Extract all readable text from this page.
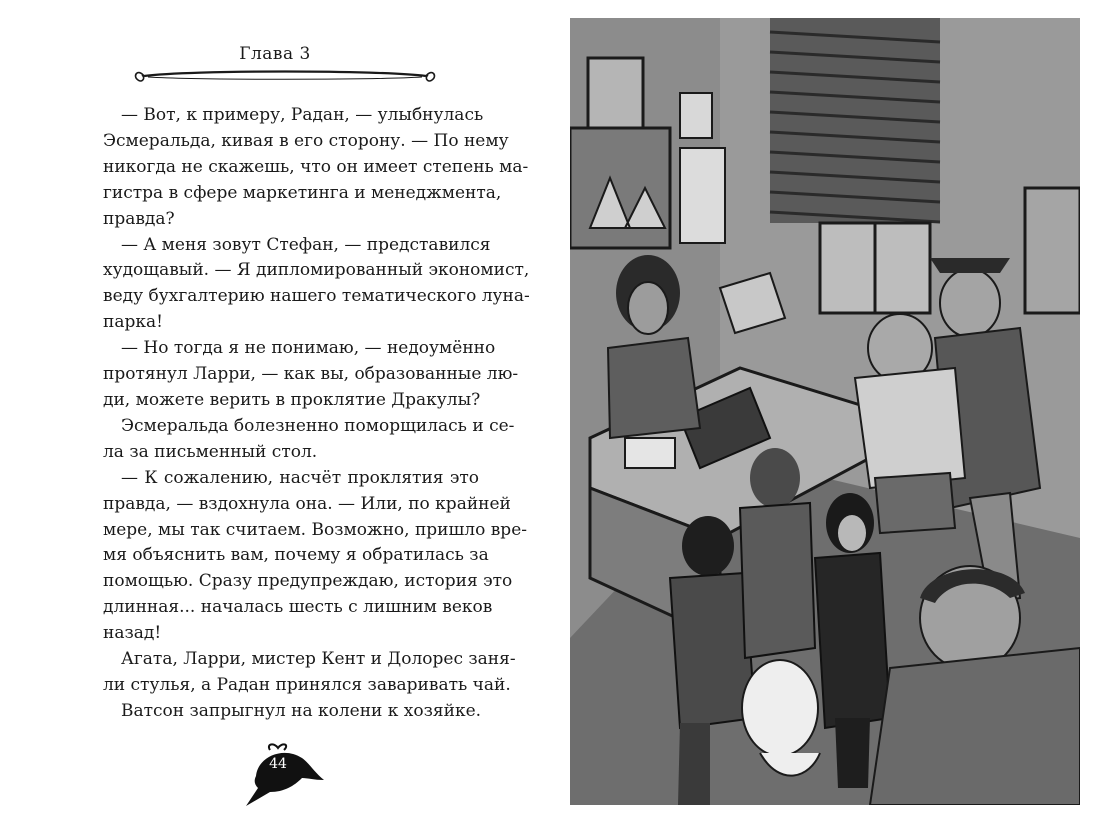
Глава 3
— Вот, к примеру, Радан, — улыбнулась
Эсмеральда, кивая в его сторону. — По нему
никогда не скажешь, что он имеет степень ма-
гистра в сфере маркетинга и менеджмента,
правда?
— А меня зовут Стефан, — представился
худощавый. — Я дипломированный экономист,
веду бухгалтерию нашего тематического луна-
парка!
— Но тогда я не понимаю, — недоумённо
протянул Ларри, — как вы, образованные лю-
ди, можете верить в проклятие Дракулы?
Эсмеральда болезненно поморщилась и се-
ла за письменный стол.
— К сожалению, насчёт проклятия это
правда, — вздохнула она. — Или, по крайней
мере, мы так считаем. Возможно, пришло вре-
мя объяснить вам, почему я обратилась за
помощью. Сразу предупреждаю, история это
длинная... началась шесть с лишним веков
назад!
Агата, Ларри, мистер Кент и Долорес заня-
ли стулья, а Радан принялся заваривать чай.
Ватсон запрыгнул на колени к хозяйке.
44
